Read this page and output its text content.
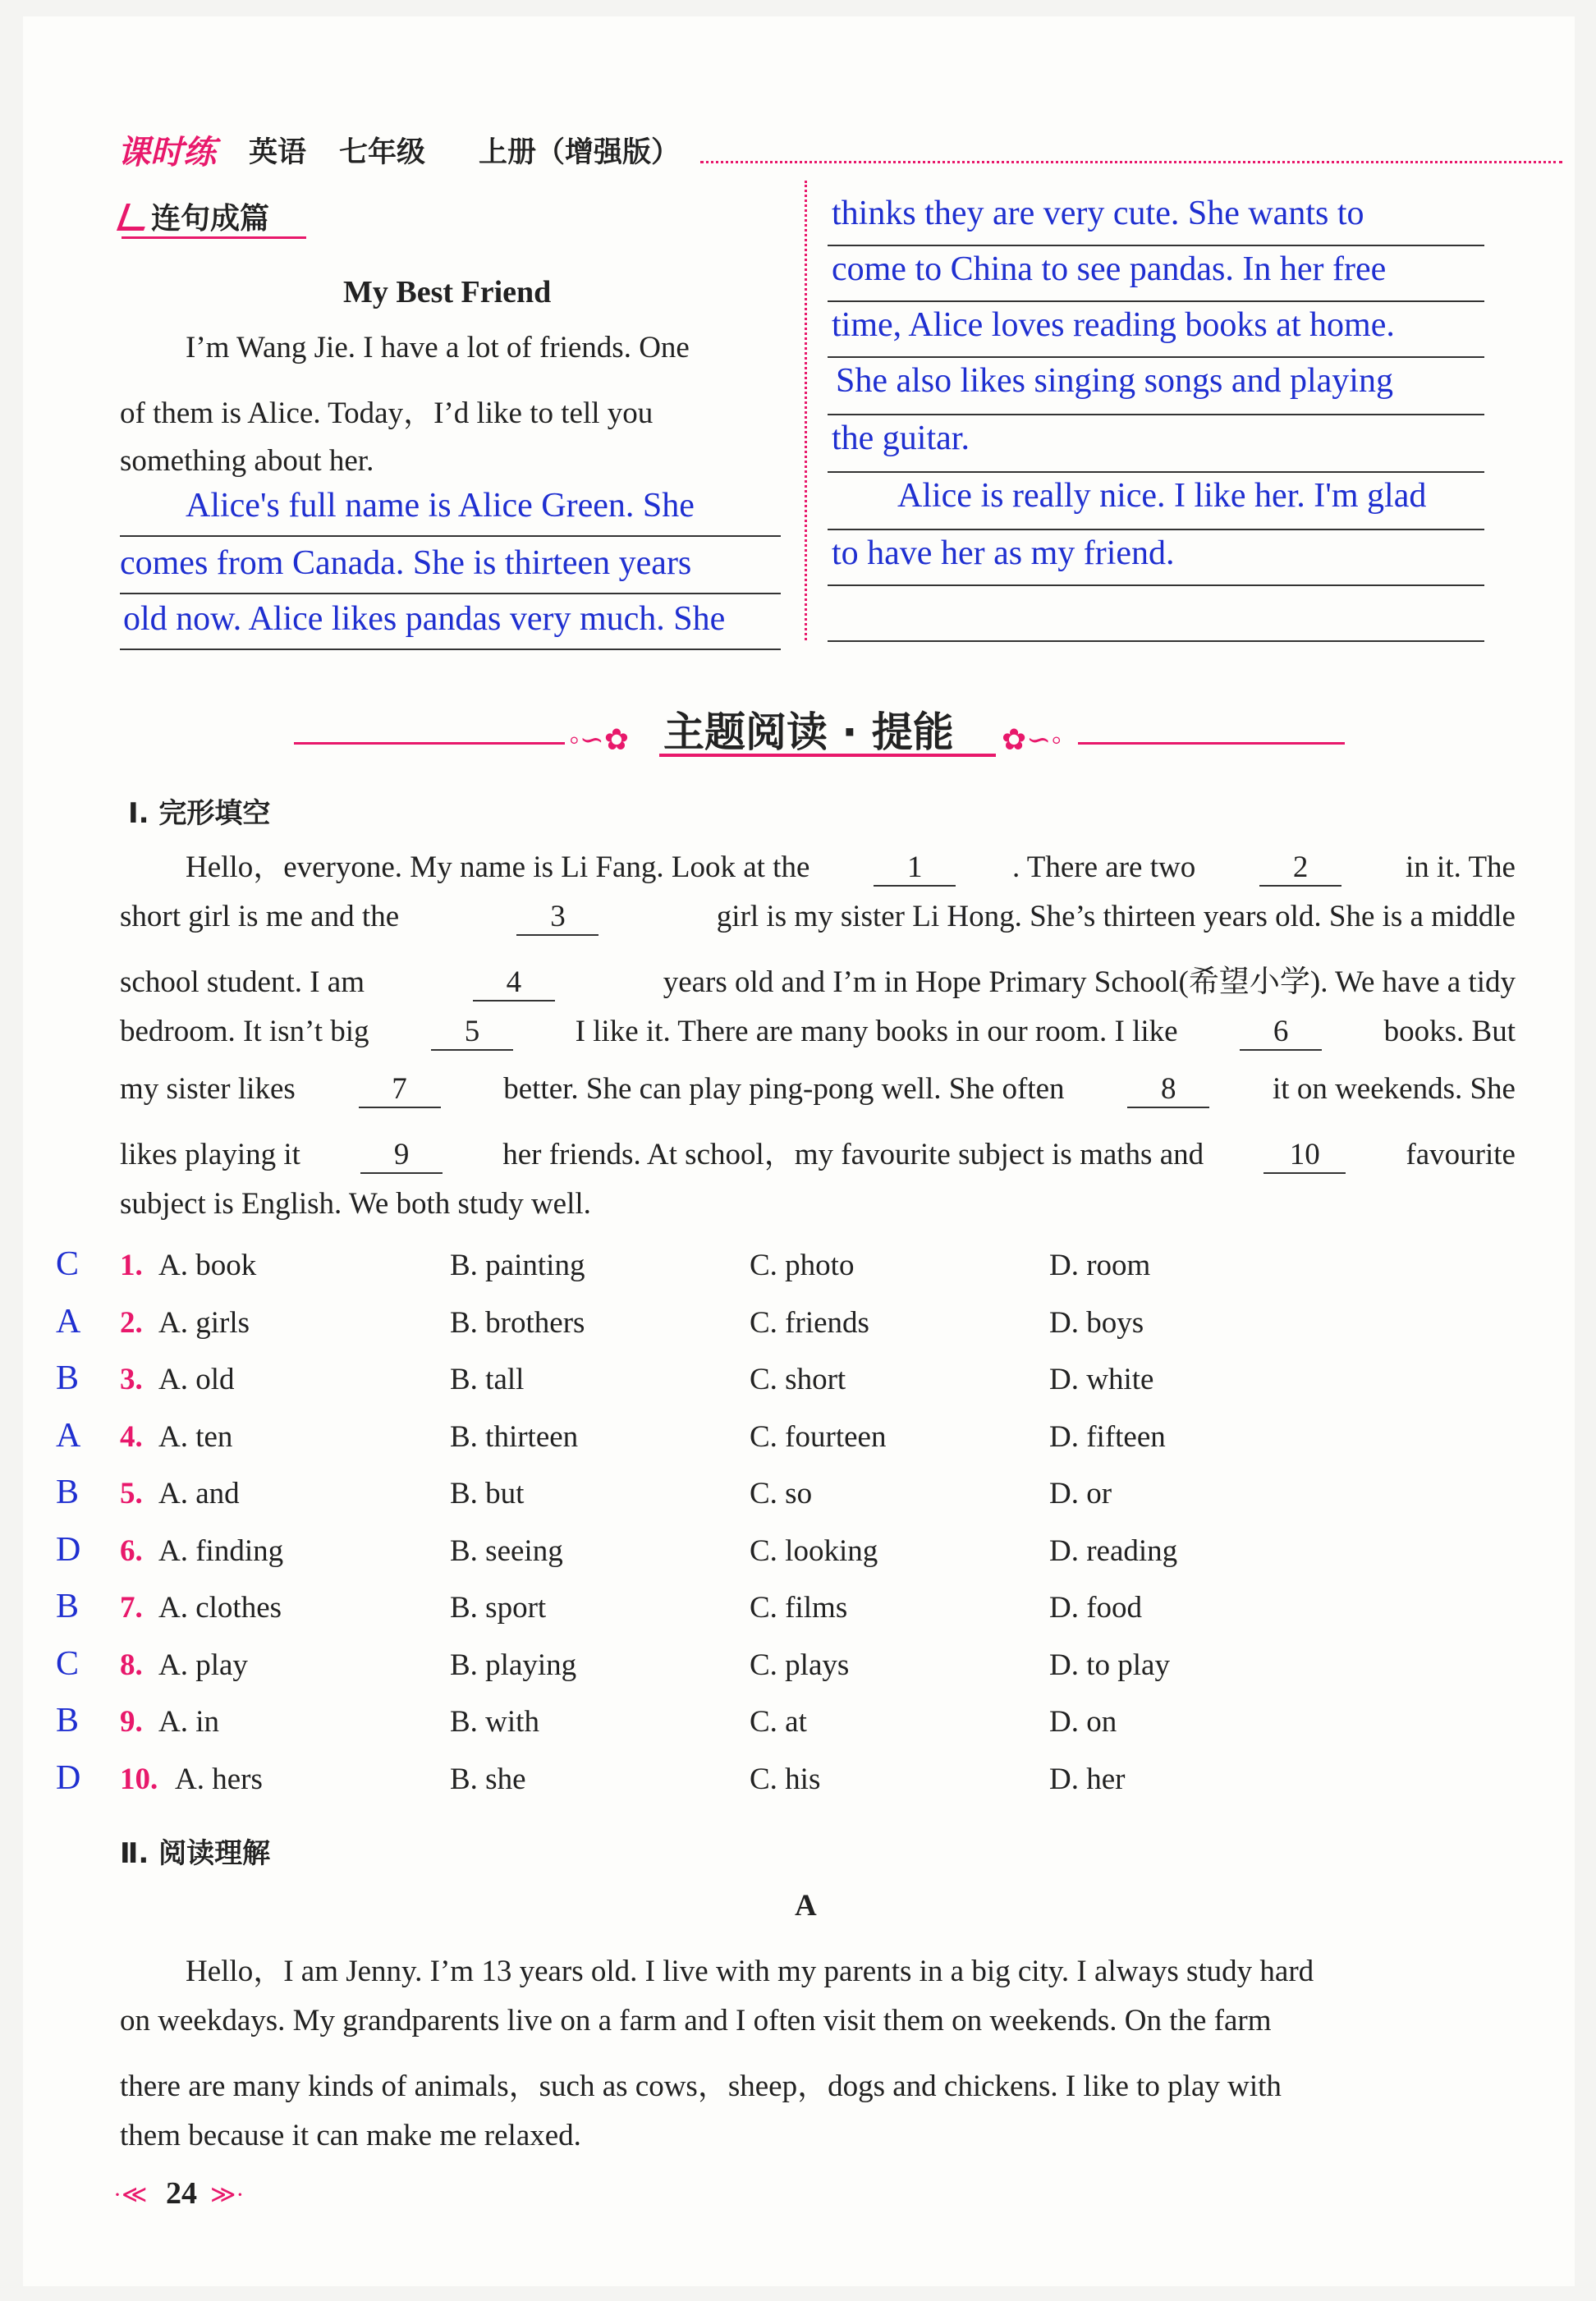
课时练 英语 七年级 上册（增强版）
连句成篇
My Best Friend
I’m Wang Jie. I have a lot of friends. One
of them is Alice. Today，I’d like to tell you
something about her.
Alice's full name is Alice Green. She
comes from Canada. She is thirteen years
old now. Alice likes pandas very much. She
thinks they are very cute. She wants to
come to China to see pandas. In her free
time, Alice loves reading books at home.
She also likes singing songs and playing
the guitar.
Alice is really nice. I like her. I'm glad
to have her as my friend.
◦∽✿ 主题阅读 · 提能 ✿∽◦
Ⅰ. 完形填空
Hello，everyone. My name is Li Fang. Look at the	1	. There are two	2	in it. The
short girl is me and the	3	girl is my sister Li Hong. She’s thirteen years old. She is a middle
school student. I am	4	years old and I’m in Hope Primary School(希望小学). We have a tidy
bedroom. It isn’t big	5	I like it. There are many books in our room. I like	6	books. But
my sister likes	7	better. She can play ping-pong well. She often	8	it on weekends. She
likes playing it	9	her friends. At school，my favourite subject is maths and	10	favourite
subject is English. We both study well.
C 1. A. book	B. painting	C. photo	D. room
A 2. A. girls	B. brothers	C. friends	D. boys
B 3. A. old	B. tall	C. short	D. white
A 4. A. ten	B. thirteen	C. fourteen	D. fifteen
B 5. A. and	B. but	C. so	D. or
D 6. A. finding	B. seeing	C. looking	D. reading
B 7. A. clothes	B. sport	C. films	D. food
C 8. A. play	B. playing	C. plays	D. to play
B 9. A. in	B. with	C. at	D. on
D 10. A. hers	B. she	C. his	D. her
Ⅱ. 阅读理解
A
Hello，I am Jenny. I’m 13 years old. I live with my parents in a big city. I always study hard
on weekdays. My grandparents live on a farm and I often visit them on weekends. On the farm
there are many kinds of animals，such as cows，sheep，dogs and chickens. I like to play with
them because it can make me relaxed.
·≪ 24 ≫·
